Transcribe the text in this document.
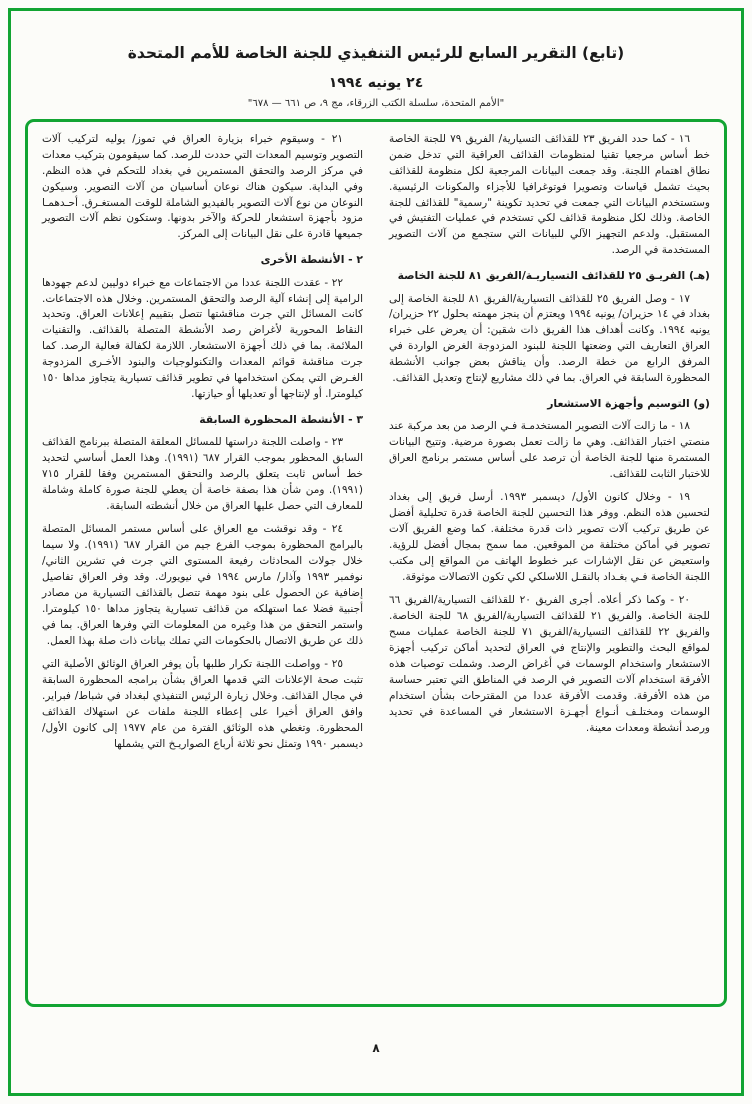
(تابع) التقرير السابع للرئيس التنفيذي للجنة الخاصة للأمم المتحدة
٢٤ يونيه ١٩٩٤
"الأمم المتحدة، سلسلة الكتب الزرقاء، مج ٩، ص ٦٦١ — ٦٧٨"
١٦ - كما حدد الفريق ٢٣ للقذائف التسيارية/ الفريق ٧٩ للجنة الخاصة خط أساس مرجعيا تقنيا لمنظومات القذائف العراقية التي تدخل ضمن نطاق اهتمام اللجنة. وقد جمعت البيانات المرجعية لكل منظومة للقذائف بحيث تشمل قياسات وتصويرا فوتوغرافيا للأجزاء والمكونات الرئيسية. وستستخدم البيانات التي جمعت في تحديد تكوينة "رسمية" للقذائف للجنة الخاصة. وذلك لكل منظومة قذائف لكي تستخدم في عمليات التفتيش في المستقبل. ولدعم التجهيز الآلي للبيانات التي ستجمع من آلات التصوير المستخدمة في الرصد.
(هـ) الفريـق ٢٥ للقذائف التسياريـة/الفريق ٨١ للجنة الخاصة
١٧ - وصل الفريق ٢٥ للقذائف التسيارية/الفريق ٨١ للجنة الخاصة إلى بغداد في ١٤ حزيران/ يونيه ١٩٩٤ ويعتزم أن ينجز مهمته بحلول ٢٢ حزيران/ يونيه ١٩٩٤. وكانت أهداف هذا الفريق ذات شقين: أن يعرض على خبراء العراق التعاريف التي وضعتها اللجنة للبنود المزدوجة الغرض الواردة في المرفق الرابع من خطة الرصد. وأن يناقش بعض جوانب الأنشطة المحظورة السابقة في العراق. بما في ذلك مشاريع لإنتاج وتعديل القذائف.
(و) التوسيم وأجهزة الاستشعار
١٨ - ما زالت آلات التصوير المستخدمـة فـي الرصد من بعد مركبة عند منصتي اختبار القذائف. وهي ما زالت تعمل بصورة مرضية. وتتيح البيانات المستمرة منها للجنة الخاصة أن ترصد على أساس مستمر برنامج العراق للاختبار الثابت للقذائف.
١٩ - وخلال كانون الأول/ ديسمبر ١٩٩٣. أرسل فريق إلى بغداد لتحسين هذه النظم. ووفر هذا التحسين للجنة الخاصة قدرة تحليلية أفضل عن طريق تركيب آلات تصوير ذات قدرة مختلفة. كما وضع الفريق آلات تصوير في أماكن مختلفة من الموقعين. مما سمح بمجال أفضل للرؤية. واستعيض عن نقل الإشارات عبر خطوط الهاتف من المواقع إلى مكتب اللجنة الخاصة فـي بغـداد بالنقـل اللاسلكي لكي تكون الاتصالات موثوقة.
٢٠ - وكما ذكر أعلاه. أجرى الفريق ٢٠ للقذائف التسيارية/الفريق ٦٦ للجنة الخاصة. والفريق ٢١ للقذائف التسيارية/الفريق ٦٨ للجنة الخاصة. والفريق ٢٢ للقذائف التسيارية/الفريق ٧١ للجنة الخاصة عمليات مسح لمواقع البحث والتطوير والإنتاج في العراق لتحديد أماكن تركيب أجهزة الاستشعار واستخدام الوسمات في أغراض الرصد. وشملت توصيات هذه الأفرقة استخدام آلات التصوير في الرصد في المناطق التي تعتبر حساسة من هذه الأفرقة. وقدمت الأفرقة عددا من المقترحات بشأن استخدام الوسمات ومختلـف أنـواع أجهـزة الاستشعار في المساعدة في تحديد ورصد أنشطة ومعدات معينة.
٢١ - وسيقوم خبراء بزيارة العراق في تموز/ يوليه لتركيب آلات التصوير وتوسيم المعدات التي حددت للرصد. كما سيقومون بتركيب معدات في مركز الرصد والتحقق المستمرين في بغداد للتحكم في هذه النظم. وفي البداية. سيكون هناك نوعان أساسيان من آلات التصوير. وسيكون النوعان من نوع آلات التصوير بالفيديو الشاملة للوقت المستغـرق. أحـدهمـا مزود بأجهزة استشعار للحركة والآخر بدونها. وستكون نظم آلات التصوير جميعها قادرة على نقل البيانات إلى المركز.
٢ - الأنشطة الأخرى
٢٢ - عقدت اللجنة عددا من الاجتماعات مع خبراء دوليين لدعم جهودها الرامية إلى إنشاء آلية الرصد والتحقق المستمرين. وخلال هذه الاجتماعات. كانت المسائل التي جرت مناقشتها تتصل بتقييم إعلانات العراق. وتحديد النقاط المحورية لأغراض رصد الأنشطة المتصلة بالقذائف. والتقنيات الملائمة. بما في ذلك أجهزة الاستشعار. اللازمة لكفالة فعالية الرصد. كما جرت مناقشة قوائم المعدات والتكنولوجيات والبنود الأخـرى المزدوجة الغـرض التي يمكن استخدامها في تطوير قذائف تسيارية يتجاوز مداها ١٥٠ كيلومترا. أو لإنتاجها أو تعديلها أو حيازتها.
٣ - الأنشطة المحظورة السابقة
٢٣ - واصلت اللجنة دراستها للمسائل المعلقة المتصلة ببرنامج القذائف السابق المحظور بموجب القرار ٦٨٧ (١٩٩١). وهذا العمل أساسي لتحديد خط أساس ثابت يتعلق بالرصد والتحقق المستمرين وفقا للقرار ٧١٥ (١٩٩١). ومن شأن هذا بصفة خاصة أن يعطي للجنة صورة كاملة وشاملة للمعارف التي حصل عليها العراق من خلال أنشطته السابقة.
٢٤ - وقد نوقشت مع العراق على أساس مستمر المسائل المتصلة بالبرامج المحظورة بموجب الفرع جيم من القرار ٦٨٧ (١٩٩١). ولا سيما خلال جولات المحادثات رفيعة المستوى التي جرت في تشرين الثاني/ نوفمبر ١٩٩٣ وآذار/ مارس ١٩٩٤ في نيويورك. وقد وفر العراق تفاصيل إضافية عن الحصول على بنود مهمة تتصل بالقذائف التسيارية من مصادر أجنبية فضلا عما استهلكه من قذائف تسيارية يتجاوز مداها ١٥٠ كيلومترا. واستمر التحقق من هذا وغيره من المعلومات التي وفرها العراق. بما في ذلك عن طريق الاتصال بالحكومات التي تملك بيانات ذات صلة بهذا العمل.
٢٥ - وواصلت اللجنة تكرار طلبها بأن يوفر العراق الوثائق الأصلية التي تثبت صحة الإعلانات التي قدمها العراق بشأن برامجه المحظورة السابقة في مجال القذائف. وخلال زيارة الرئيس التنفيذي لبغداد في شباط/ فبراير. وافق العراق أخيرا على إعطاء اللجنة ملفات عن استهلاك القذائف المحظورة. وتغطي هذه الوثائق الفترة من عام ١٩٧٧ إلى كانون الأول/ ديسمبر ١٩٩٠ وتمثل نحو ثلاثة أرباع الصواريـخ التي يشملها
٨
